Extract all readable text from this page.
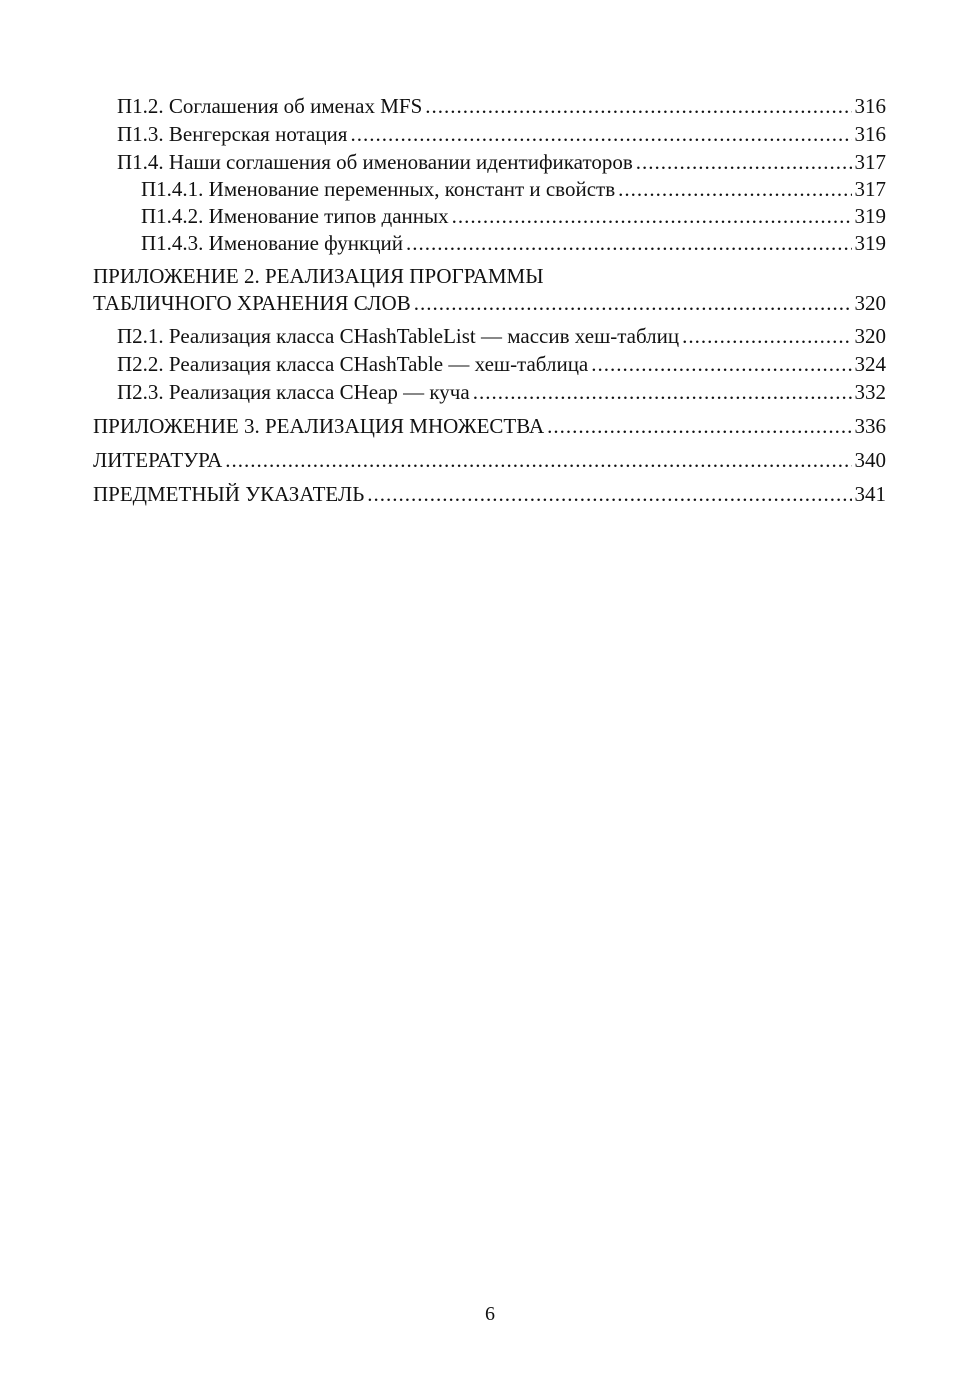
П1.2. Соглашения об именах MFS .....	316
П1.3. Венгерская нотация .....	316
П1.4. Наши соглашения об именовании идентификаторов .....	317
П1.4.1. Именование переменных, констант и свойств .....	317
П1.4.2. Именование типов данных .....	319
П1.4.3. Именование функций .....	319
ПРИЛОЖЕНИЕ 2. РЕАЛИЗАЦИЯ ПРОГРАММЫ
ТАБЛИЧНОГО ХРАНЕНИЯ СЛОВ .....	320
П2.1. Реализация класса CHashTableList — массив хеш-таблиц .....	320
П2.2. Реализация класса CHashTable — хеш-таблица .....	324
П2.3. Реализация класса CHeap — куча .....	332
ПРИЛОЖЕНИЕ 3. РЕАЛИЗАЦИЯ МНОЖЕСТВА .....	336
ЛИТЕРАТУРА .....	340
ПРЕДМЕТНЫЙ УКАЗАТЕЛЬ .....	341
6
